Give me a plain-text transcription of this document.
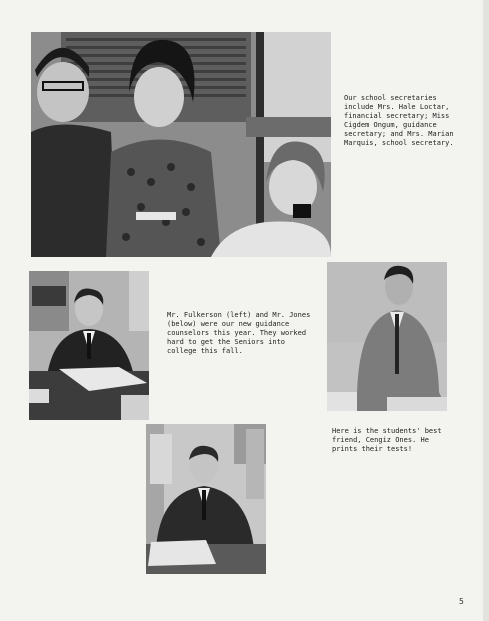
Our school secretaries include Mrs. Hale Loctar, financial secretary; Miss Cigdem Ongum, guidance secretary; and Mrs. Marian Marquis, school secretary.
Mr. Fulkerson (left) and Mr. Jones (below) were our new guidance counselors this year. They worked hard to get the Seniors into college this fall.
Here is the students' best friend, Cengiz Ones. He prints their tests!
5
